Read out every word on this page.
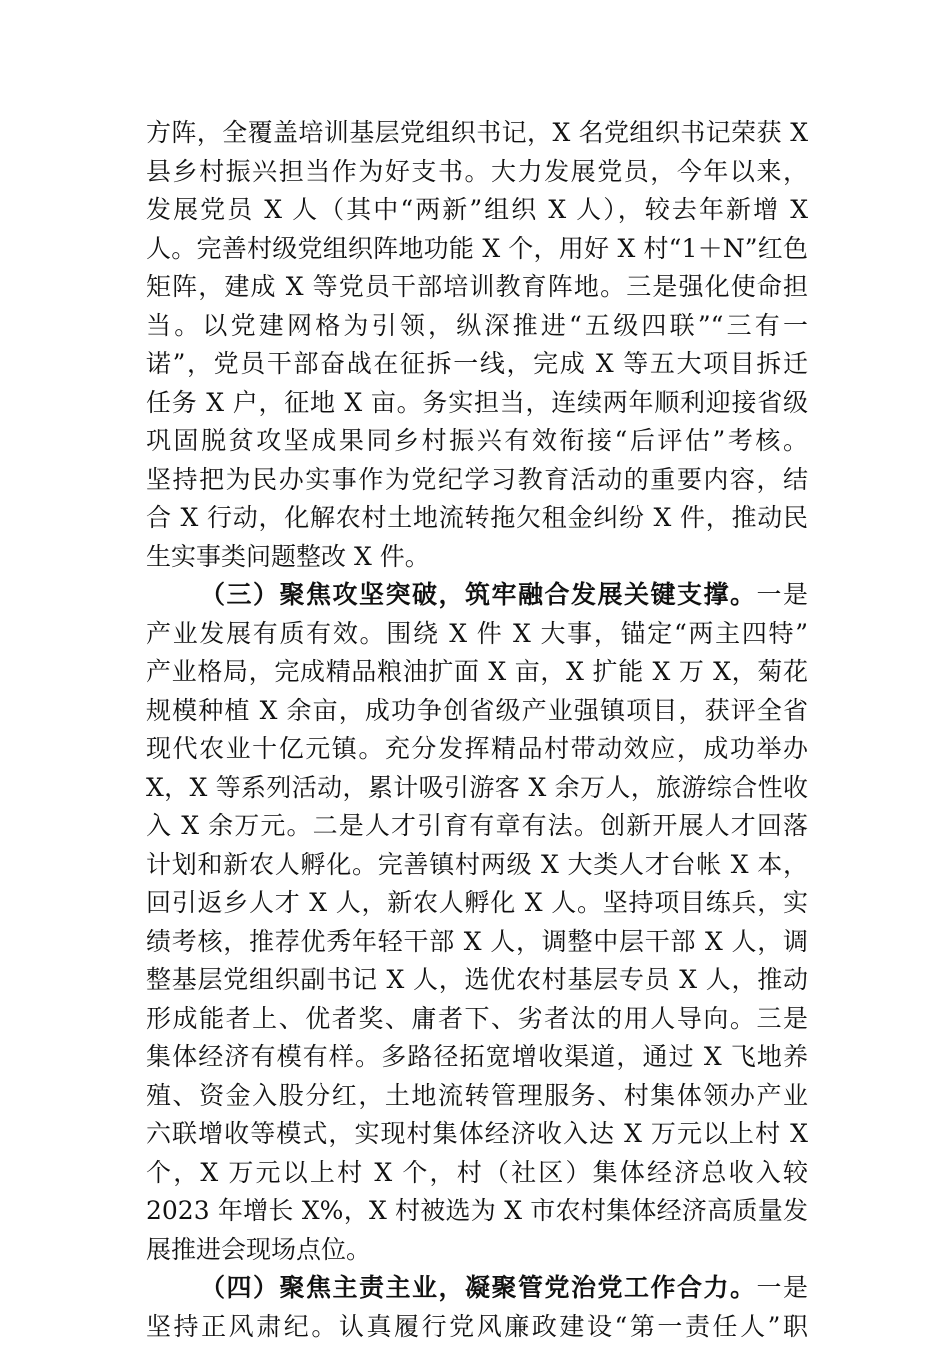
方阵，全覆盖培训基层党组织书记，X 名党组织书记荣获 X
县乡村振兴担当作为好支书。大力发展党员，今年以来，
发展党员 X 人（其中“两新”组织 X 人），较去年新增 X
人。完善村级党组织阵地功能 X 个，用好 X 村“1＋N”红色
矩阵，建成 X 等党员干部培训教育阵地。三是强化使命担
当。以党建网格为引领，纵深推进“五级四联”“三有一
诺”，党员干部奋战在征拆一线，完成 X 等五大项目拆迁
任务 X 户，征地 X 亩。务实担当，连续两年顺利迎接省级
巩固脱贫攻坚成果同乡村振兴有效衔接“后评估”考核。
坚持把为民办实事作为党纪学习教育活动的重要内容，结
合 X 行动，化解农村土地流转拖欠租金纠纷 X 件，推动民
生实事类问题整改 X 件。
（三）聚焦攻坚突破，筑牢融合发展关键支撑。一是
产业发展有质有效。围绕 X 件 X 大事，锚定“两主四特”
产业格局，完成精品粮油扩面 X 亩，X 扩能 X 万 X，菊花
规模种植 X 余亩，成功争创省级产业强镇项目，获评全省
现代农业十亿元镇。充分发挥精品村带动效应，成功举办
X，X 等系列活动，累计吸引游客 X 余万人，旅游综合性收
入 X 余万元。二是人才引育有章有法。创新开展人才回落
计划和新农人孵化。完善镇村两级 X 大类人才台帐 X 本，
回引返乡人才 X 人，新农人孵化 X 人。坚持项目练兵，实
绩考核，推荐优秀年轻干部 X 人，调整中层干部 X 人，调
整基层党组织副书记 X 人，选优农村基层专员 X 人，推动
形成能者上、优者奖、庸者下、劣者汰的用人导向。三是
集体经济有模有样。多路径拓宽增收渠道，通过 X 飞地养
殖、资金入股分红，土地流转管理服务、村集体领办产业
六联增收等模式，实现村集体经济收入达 X 万元以上村 X
个，X 万元以上村 X 个，村（社区）集体经济总收入较
2023 年增长 X%，X 村被选为 X 市农村集体经济高质量发
展推进会现场点位。
（四）聚焦主责主业，凝聚管党治党工作合力。一是
坚持正风肃纪。认真履行党风廉政建设“第一责任人”职
